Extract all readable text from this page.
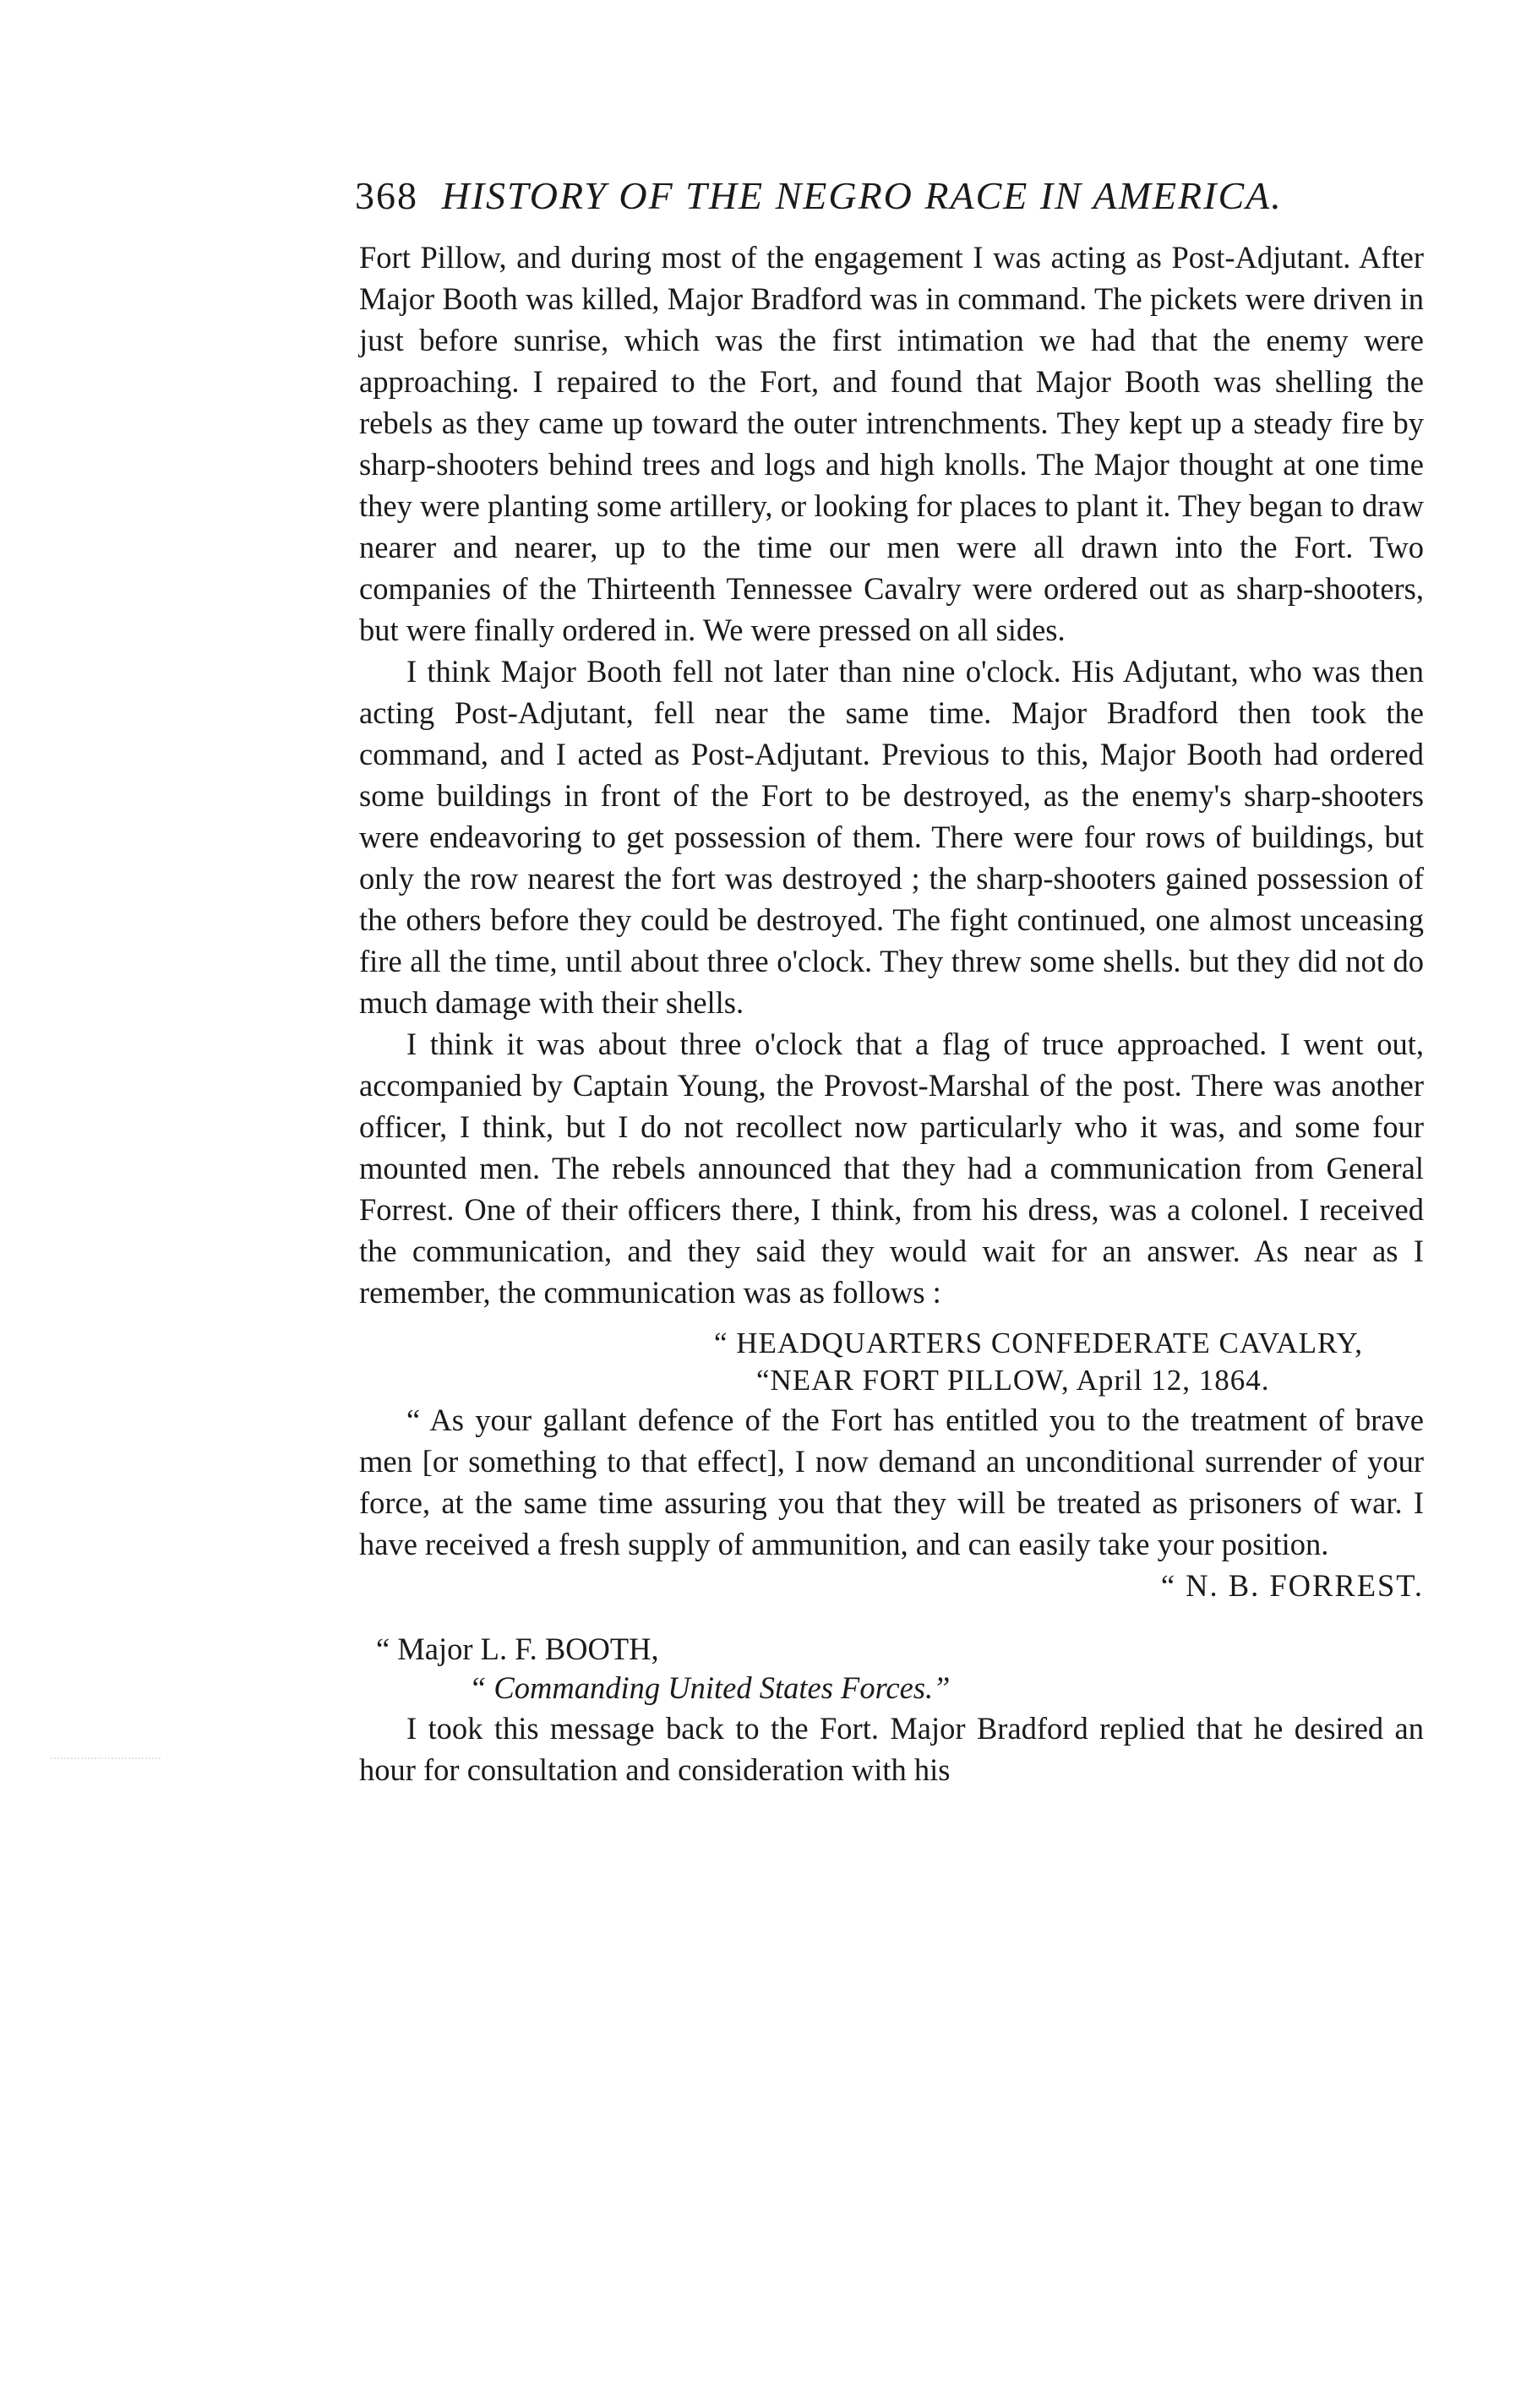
368 HISTORY OF THE NEGRO RACE IN AMERICA.

Fort Pillow, and during most of the engagement I was acting as Post-Adjutant. After Major Booth was killed, Major Bradford was in command. The pickets were driven in just before sunrise, which was the first intimation we had that the enemy were approaching. I repaired to the Fort, and found that Major Booth was shelling the rebels as they came up toward the outer intrenchments. They kept up a steady fire by sharp-shooters behind trees and logs and high knolls. The Major thought at one time they were planting some artillery, or looking for places to plant it. They began to draw nearer and nearer, up to the time our men were all drawn into the Fort. Two companies of the Thirteenth Tennessee Cavalry were ordered out as sharp-shooters, but were finally ordered in. We were pressed on all sides.

I think Major Booth fell not later than nine o'clock. His Adjutant, who was then acting Post-Adjutant, fell near the same time. Major Bradford then took the command, and I acted as Post-Adjutant. Previous to this, Major Booth had ordered some buildings in front of the Fort to be destroyed, as the enemy's sharp-shooters were endeavoring to get possession of them. There were four rows of buildings, but only the row nearest the fort was destroyed ; the sharp-shooters gained possession of the others before they could be destroyed. The fight continued, one almost unceasing fire all the time, until about three o'clock. They threw some shells. but they did not do much damage with their shells.

I think it was about three o'clock that a flag of truce approached. I went out, accompanied by Captain Young, the Provost-Marshal of the post. There was another officer, I think, but I do not recollect now particularly who it was, and some four mounted men. The rebels announced that they had a communication from General Forrest. One of their officers there, I think, from his dress, was a colonel. I received the communication, and they said they would wait for an answer. As near as I remember, the communication was as follows :

“ HEADQUARTERS CONFEDERATE CAVALRY,
“NEAR FORT PILLOW, April 12, 1864.

“ As your gallant defence of the Fort has entitled you to the treatment of brave men [or something to that effect], I now demand an unconditional surrender of your force, at the same time assuring you that they will be treated as prisoners of war. I have received a fresh supply of ammunition, and can easily take your position.

“ N. B. FORREST.

“ Major L. F. BOOTH,
“ Commanding United States Forces.”

I took this message back to the Fort. Major Bradford replied that he desired an hour for consultation and consideration with his
